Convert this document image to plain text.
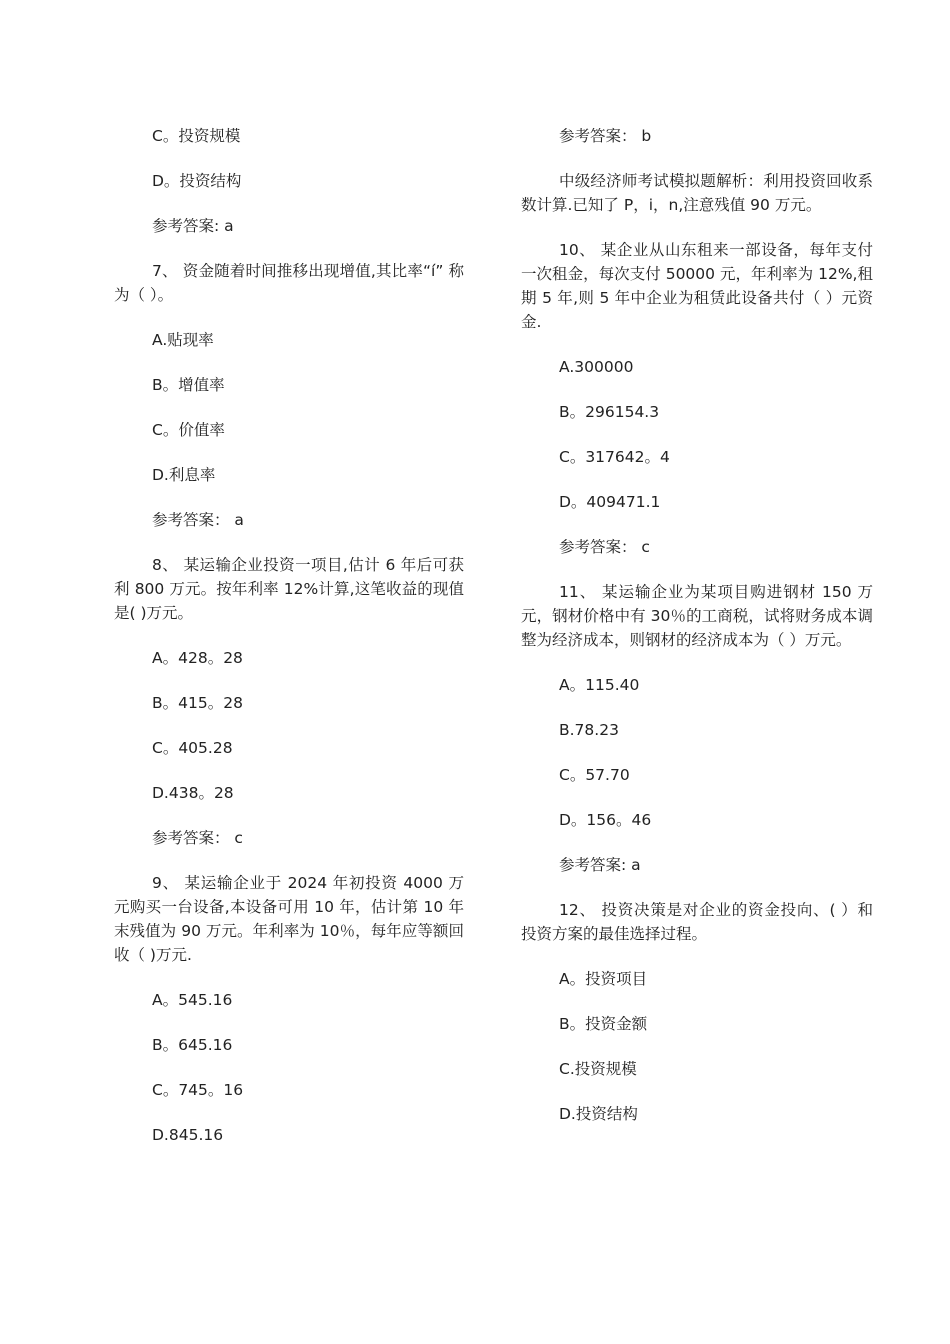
C。投资规模

D。投资结构

参考答案: a

7、 资金随着时间推移出现增值,其比率“í” 称为（ ）。

A.贴现率

B。增值率

C。价值率

D.利息率

参考答案： a

8、 某运输企业投资一项目,估计 6 年后可获利 800 万元。按年利率 12%计算,这笔收益的现值是( )万元。

A。428。28

B。415。28

C。405.28

D.438。28

参考答案： c

9、 某运输企业于 2024 年初投资 4000 万元购买一台设备,本设备可用 10 年，估计第 10 年末残值为 90 万元。年利率为 10％，每年应等额回收（ )万元.

A。545.16

B。645.16

C。745。16

D.845.16

参考答案： b

中级经济师考试模拟题解析：利用投资回收系数计算.已知了 P，i，n,注意残值 90 万元。

10、 某企业从山东租来一部设备，每年支付一次租金，每次支付 50000 元，年利率为 12%,租期 5 年,则 5 年中企业为租赁此设备共付（ ）元资金.

A.300000

B。296154.3

C。317642。4

D。409471.1

参考答案： c

11、 某运输企业为某项目购进钢材 150 万元，钢材价格中有 30％的工商税，试将财务成本调整为经济成本，则钢材的经济成本为（ ）万元。

A。115.40

B.78.23

C。57.70

D。156。46

参考答案: a

12、 投资决策是对企业的资金投向、( ）和投资方案的最佳选择过程。

A。投资项目

B。投资金额

C.投资规模

D.投资结构
